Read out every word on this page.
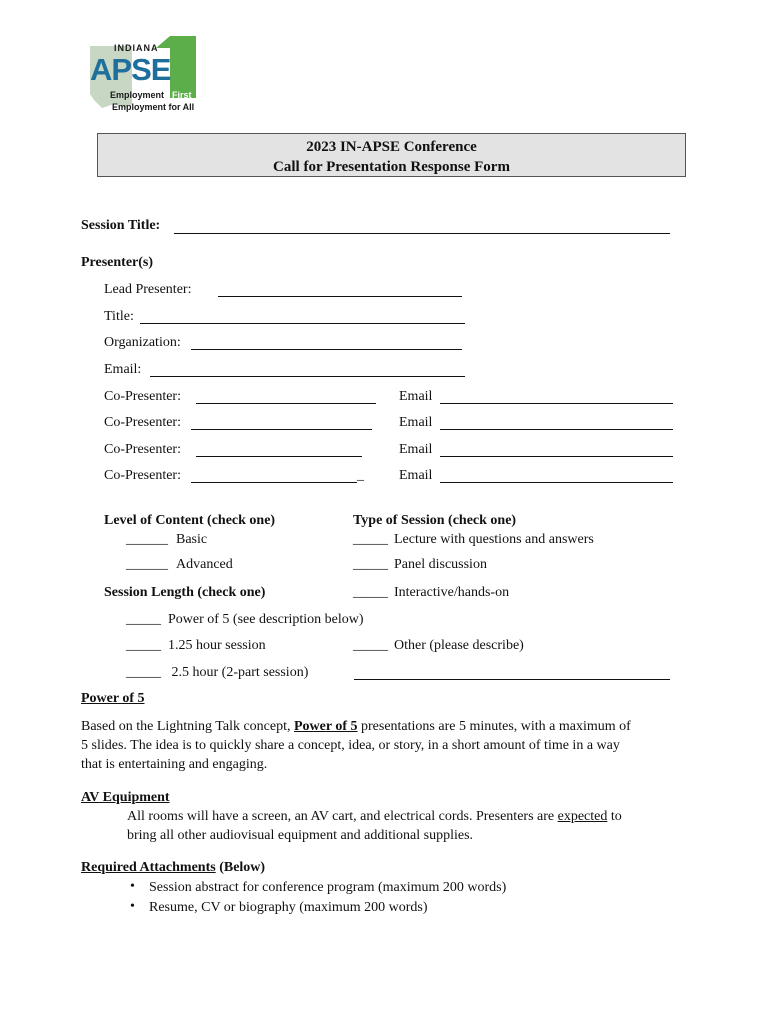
INDIANA
APSE
Employment First
Employment for All
2023 IN-APSE Conference
Call for Presentation Response Form
Session Title:
Presenter(s)
Lead Presenter:
Title:
Organization:
Email:
Co-Presenter:	Email
Co-Presenter:	Email
Co-Presenter:	Email
Co-Presenter:	_	Email
Level of Content (check one)
______ Basic
______ Advanced
Type of Session (check one)
_____ Lecture with questions and answers
_____ Panel discussion
_____ Interactive/hands-on
_____ Other (please describe)
Session Length (check one)
_____ Power of 5 (see description below)
_____ 1.25 hour session
_____ 2.5 hour (2-part session)
Power of 5
Based on the Lightning Talk concept, Power of 5 presentations are 5 minutes, with a maximum of
5 slides. The idea is to quickly share a concept, idea, or story, in a short amount of time in a way
that is entertaining and engaging.
AV Equipment
All rooms will have a screen, an AV cart, and electrical cords. Presenters are expected to
bring all other audiovisual equipment and additional supplies.
Required Attachments (Below)
• Session abstract for conference program (maximum 200 words)
• Resume, CV or biography (maximum 200 words)
